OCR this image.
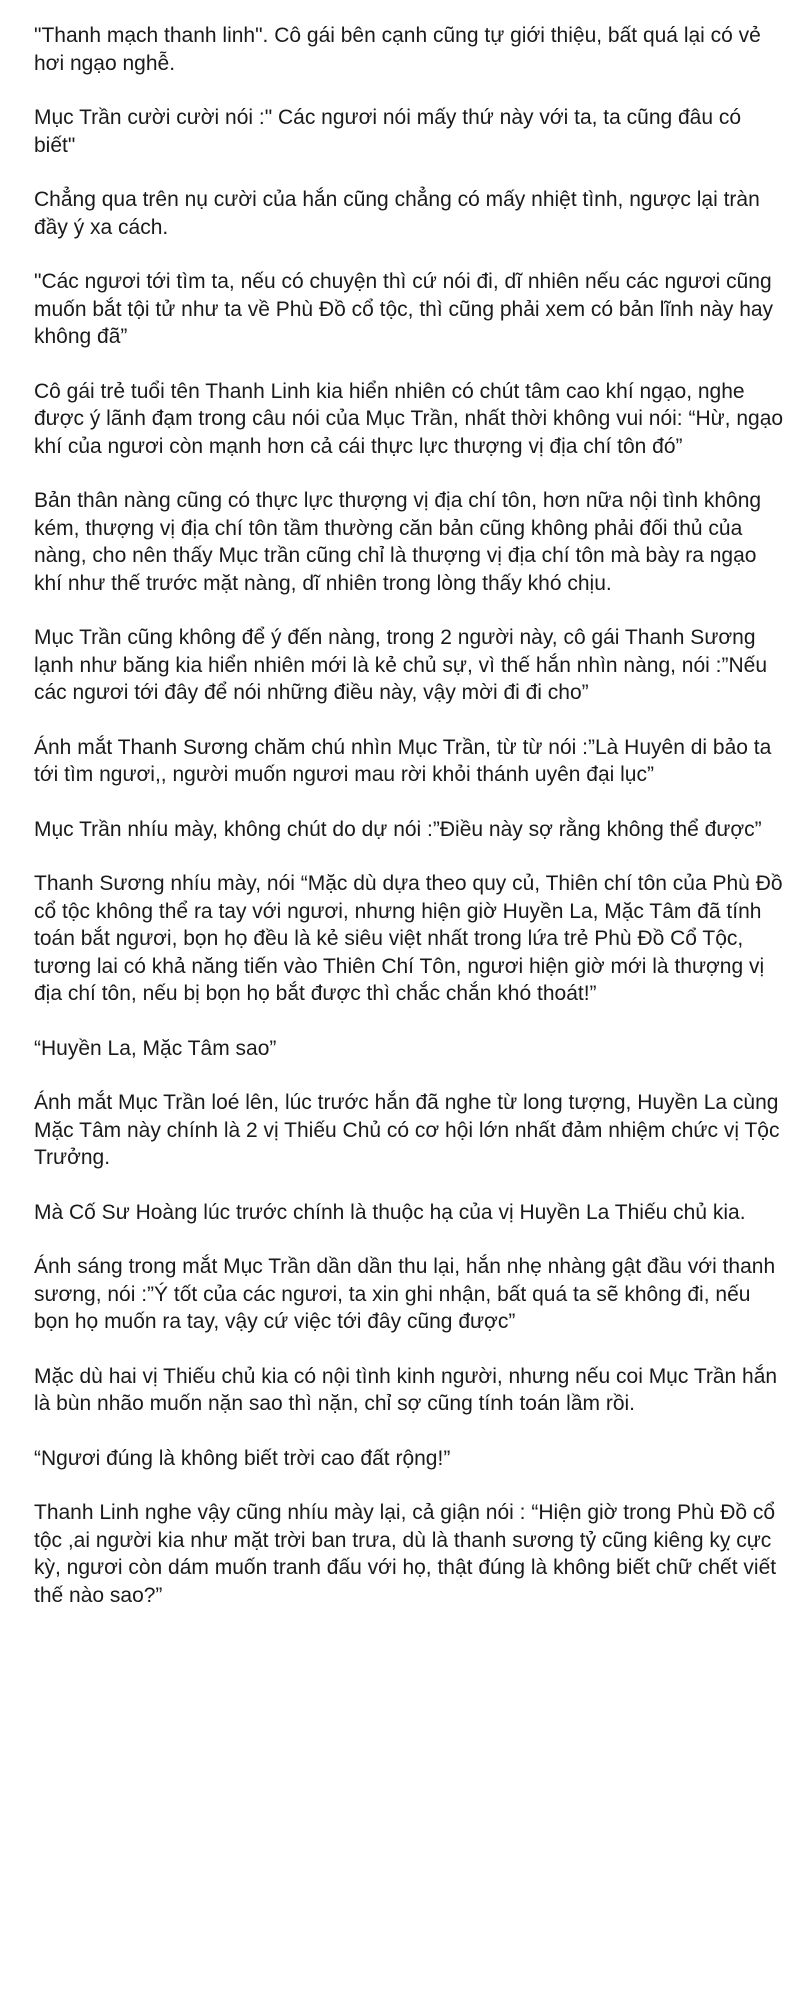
"Thanh mạch thanh linh". Cô gái bên cạnh cũng tự giới thiệu, bất quá lại có vẻ hơi ngạo nghễ.

Mục Trần cười cười nói :" Các ngươi nói mấy thứ này với ta, ta cũng đâu có biết"

Chẳng qua trên nụ cười của hắn cũng chẳng có mấy nhiệt tình, ngược lại tràn đầy ý xa cách.

"Các ngươi tới tìm ta, nếu có chuyện thì cứ nói đi, dĩ nhiên nếu các ngươi cũng muốn bắt tội tử như ta về Phù Đồ cổ tộc, thì cũng phải xem có bản lĩnh này hay không đã”

Cô gái trẻ tuổi tên Thanh Linh kia hiển nhiên có chút tâm cao khí ngạo, nghe được ý lãnh đạm trong câu nói của Mục Trần, nhất thời không vui nói: “Hừ, ngạo khí của ngươi còn mạnh hơn cả cái thực lực thượng vị địa chí tôn đó”

Bản thân nàng cũng có thực lực thượng vị địa chí tôn, hơn nữa nội tình không kém, thượng vị địa chí tôn tầm thường căn bản cũng không phải đối thủ của nàng, cho nên thấy Mục trần cũng chỉ là thượng vị địa chí tôn mà bày ra ngạo khí như thế trước mặt nàng, dĩ nhiên trong lòng thấy khó chịu.

Mục Trần cũng không để ý đến nàng, trong 2 người này, cô gái Thanh Sương lạnh như băng kia hiển nhiên mới là kẻ chủ sự, vì thế hắn nhìn nàng, nói :”Nếu các ngươi tới đây để nói những điều này, vậy mời đi đi cho”

Ánh mắt Thanh Sương chăm chú nhìn Mục Trần, từ từ nói :”Là Huyên di bảo ta tới tìm ngươi,, người muốn ngươi mau rời khỏi thánh uyên đại lục”

Mục Trần nhíu mày, không chút do dự nói :”Điều này sợ rằng không thể được”

Thanh Sương nhíu mày, nói “Mặc dù dựa theo quy củ, Thiên chí tôn của Phù Đồ cổ tộc không thể ra tay với ngươi, nhưng hiện giờ Huyền La, Mặc Tâm đã tính toán bắt ngươi, bọn họ đều là kẻ siêu việt nhất trong lứa trẻ Phù Đồ Cổ Tộc, tương lai có khả năng tiến vào Thiên Chí Tôn, ngươi hiện giờ mới là thượng vị địa chí tôn, nếu bị bọn họ bắt được thì chắc chắn khó thoát!”

“Huyền La, Mặc Tâm sao”

Ánh mắt Mục Trần loé lên, lúc trước hắn đã nghe từ long tượng, Huyền La cùng Mặc Tâm này chính là 2 vị Thiếu Chủ có cơ hội lớn nhất đảm nhiệm chức vị Tộc Trưởng.

Mà Cố Sư Hoàng lúc trước chính là thuộc hạ của vị Huyền La Thiếu chủ kia.

Ánh sáng trong mắt Mục Trần dần dần thu lại, hắn nhẹ nhàng gật đầu với thanh sương, nói :”Ý tốt của các ngươi, ta xin ghi nhận, bất quá ta sẽ không đi, nếu bọn họ muốn ra tay, vậy cứ việc tới đây cũng được”

Mặc dù hai vị Thiếu chủ kia có nội tình kinh người, nhưng nếu coi Mục Trần hắn là bùn nhão muốn nặn sao thì nặn, chỉ sợ cũng tính toán lầm rồi.

“Ngươi đúng là không biết trời cao đất rộng!”

Thanh Linh nghe vậy cũng nhíu mày lại, cả giận nói : “Hiện giờ trong Phù Đồ cổ tộc ,ai người kia như mặt trời ban trưa, dù là thanh sương tỷ cũng kiêng kỵ cực kỳ, ngươi còn dám muốn tranh đấu với họ, thật đúng là không biết chữ chết viết thế nào sao?”
